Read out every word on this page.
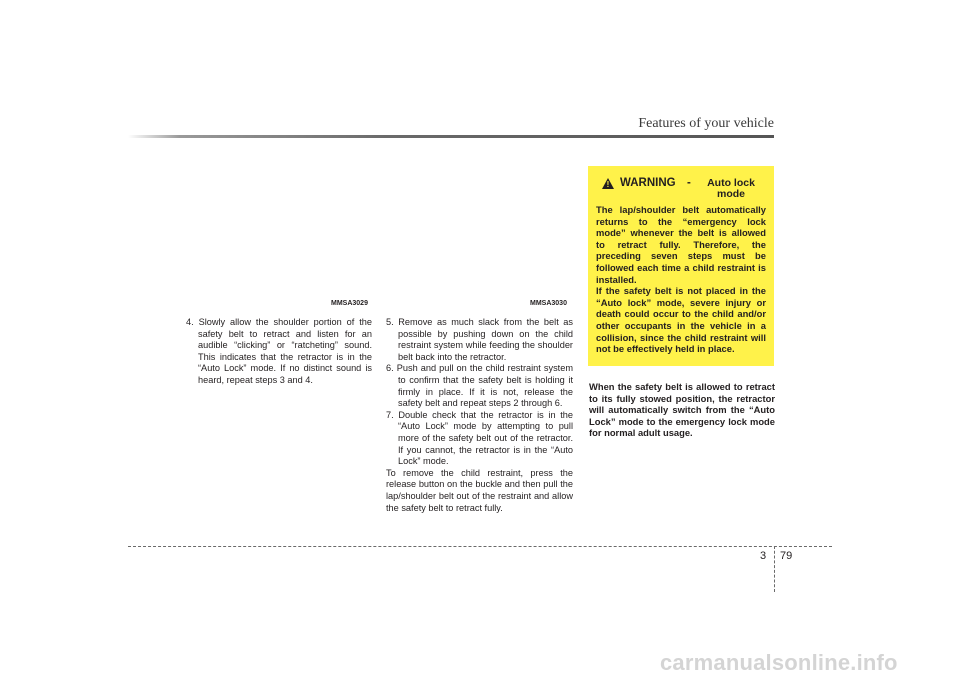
Features of your vehicle
MMSA3029	MMSA3030

4. Slowly allow the shoulder portion of the safety belt to retract and listen for an audible “clicking” or “ratcheting” sound. This indicates that the retractor is in the “Auto Lock” mode. If no distinct sound is heard, repeat steps 3 and 4.

5. Remove as much slack from the belt as possible by pushing down on the child restraint system while feeding the shoulder belt back into the retractor.

6. Push and pull on the child restraint system to confirm that the safety belt is holding it firmly in place. If it is not, release the safety belt and repeat steps 2 through 6.

7. Double check that the retractor is in the “Auto Lock” mode by attempting to pull more of the safety belt out of the retractor. If you cannot, the retractor is in the “Auto Lock” mode.

To remove the child restraint, press the release button on the buckle and then pull the lap/shoulder belt out of the restraint and allow the safety belt to retract fully.

! WARNING -	Auto lock mode

The lap/shoulder belt automatically returns to the “emergency lock mode” whenever the belt is allowed to retract fully. Therefore, the preceding seven steps must be followed each time a child restraint is installed.

If the safety belt is not placed in the “Auto lock” mode, severe injury or death could occur to the child and/or other occupants in the vehicle in a collision, since the child restraint will not be effectively held in place.

When the safety belt is allowed to retract to its fully stowed position, the retractor will automatically switch from the “Auto Lock” mode to the emergency lock mode for normal adult usage.
3 79
carmanualsonline.info
